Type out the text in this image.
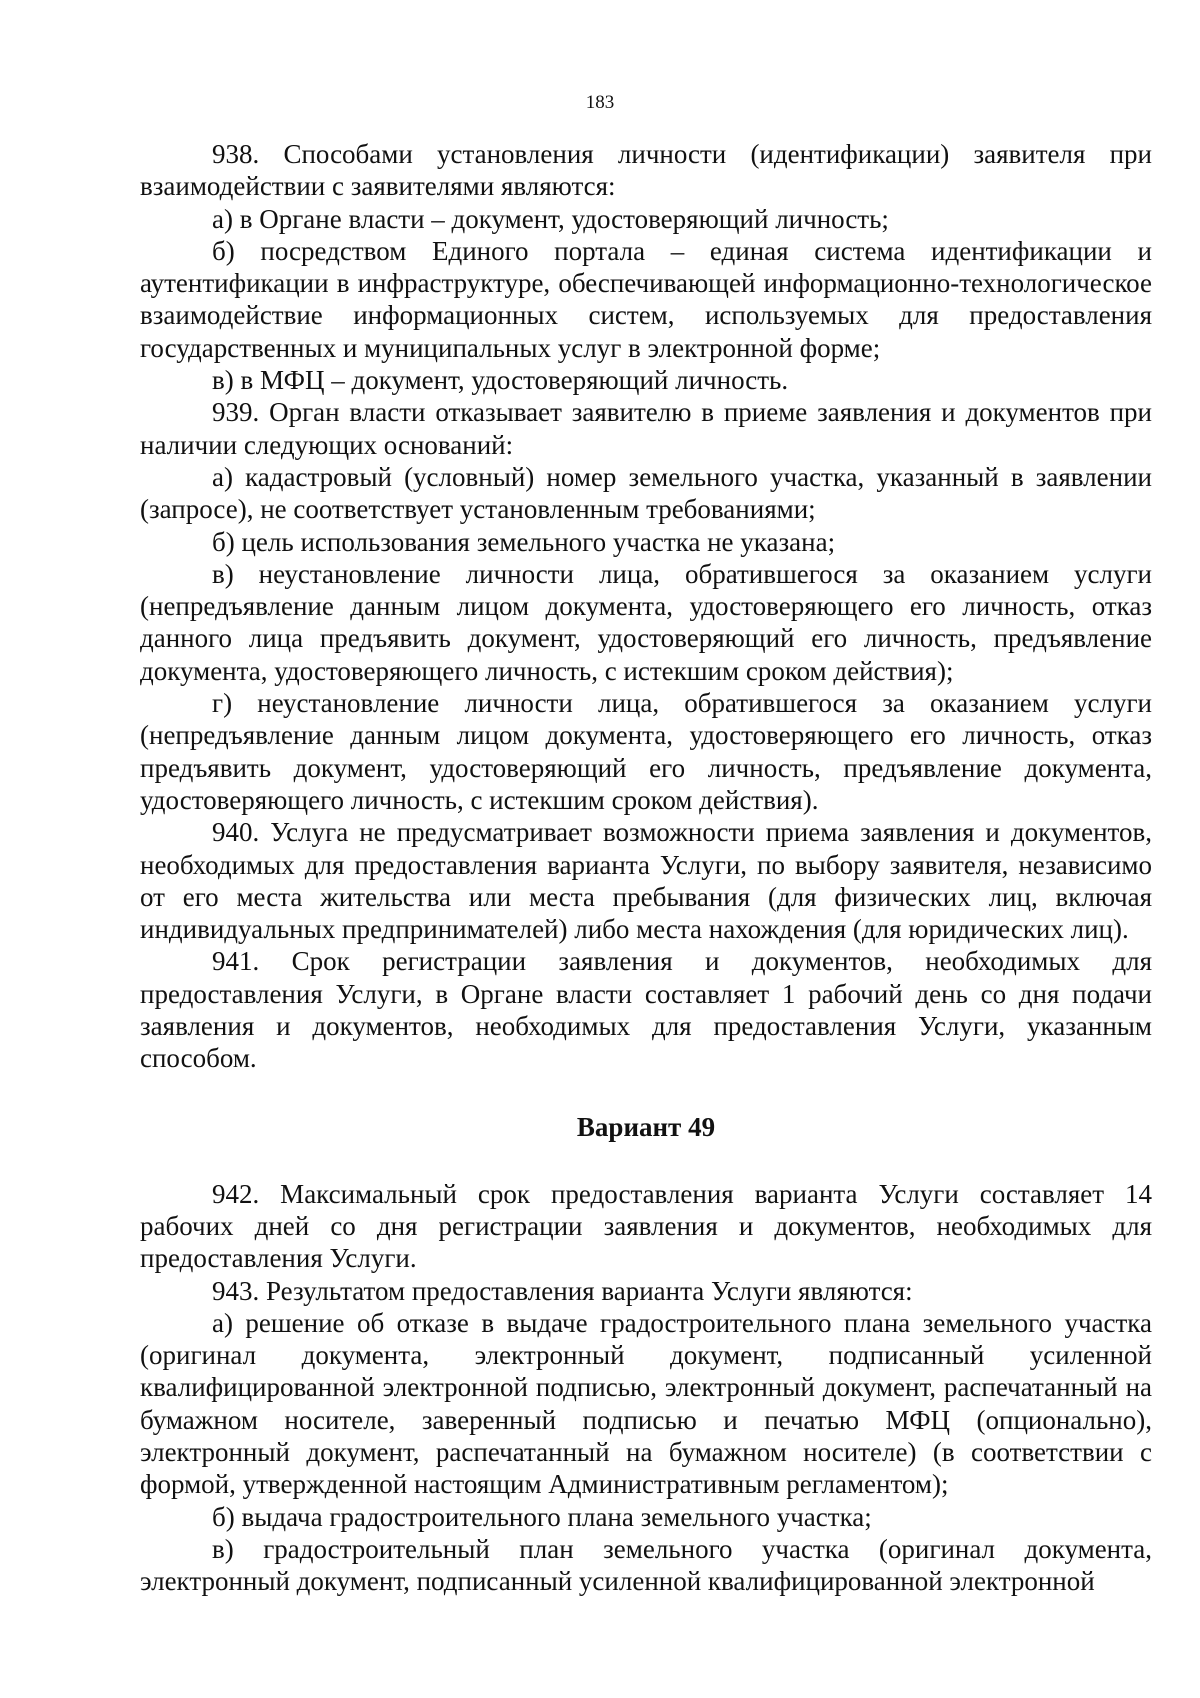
183

938. Способами установления личности (идентификации) заявителя при взаимодействии с заявителями являются:

а) в Органе власти – документ, удостоверяющий личность;

б) посредством Единого портала – единая система идентификации и аутентификации в инфраструктуре, обеспечивающей информационно-технологическое взаимодействие информационных систем, используемых для предоставления государственных и муниципальных услуг в электронной форме;

в) в МФЦ – документ, удостоверяющий личность.

939. Орган власти отказывает заявителю в приеме заявления и документов при наличии следующих оснований:

а) кадастровый (условный) номер земельного участка, указанный в заявлении (запросе), не соответствует установленным требованиями;

б) цель использования земельного участка не указана;

в) неустановление личности лица, обратившегося за оказанием услуги (непредъявление данным лицом документа, удостоверяющего его личность, отказ данного лица предъявить документ, удостоверяющий его личность, предъявление документа, удостоверяющего личность, с истекшим сроком действия);

г) неустановление личности лица, обратившегося за оказанием услуги (непредъявление данным лицом документа, удостоверяющего его личность, отказ предъявить документ, удостоверяющий его личность, предъявление документа, удостоверяющего личность, с истекшим сроком действия).

940. Услуга не предусматривает возможности приема заявления и документов, необходимых для предоставления варианта Услуги, по выбору заявителя, независимо от его места жительства или места пребывания (для физических лиц, включая индивидуальных предпринимателей) либо места нахождения (для юридических лиц).

941. Срок регистрации заявления и документов, необходимых для предоставления Услуги, в Органе власти составляет 1 рабочий день со дня подачи заявления и документов, необходимых для предоставления Услуги, указанным способом.

Вариант 49

942. Максимальный срок предоставления варианта Услуги составляет 14 рабочих дней со дня регистрации заявления и документов, необходимых для предоставления Услуги.

943. Результатом предоставления варианта Услуги являются:

а) решение об отказе в выдаче градостроительного плана земельного участка (оригинал документа, электронный документ, подписанный усиленной квалифицированной электронной подписью, электронный документ, распечатанный на бумажном носителе, заверенный подписью и печатью МФЦ (опционально), электронный документ, распечатанный на бумажном носителе) (в соответствии с формой, утвержденной настоящим Административным регламентом);

б) выдача градостроительного плана земельного участка;

в) градостроительный план земельного участка (оригинал документа, электронный документ, подписанный усиленной квалифицированной электронной
